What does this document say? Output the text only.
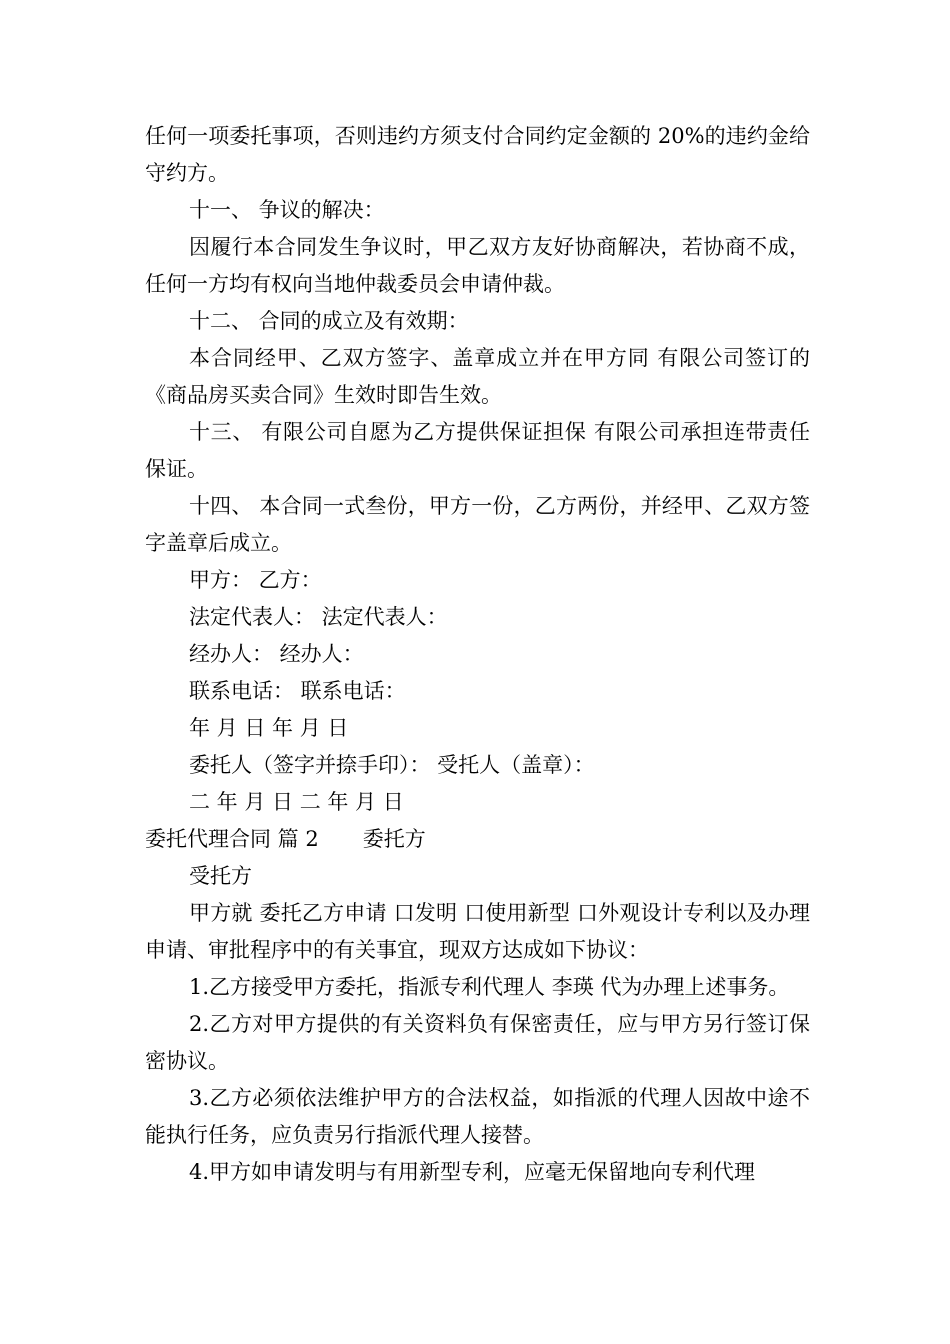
任何一项委托事项，否则违约方须支付合同约定金额的 20%的违约金给守约方。

十一、 争议的解决：

因履行本合同发生争议时，甲乙双方友好协商解决，若协商不成，任何一方均有权向当地仲裁委员会申请仲裁。

十二、 合同的成立及有效期：

本合同经甲、乙双方签字、盖章成立并在甲方同 有限公司签订的《商品房买卖合同》生效时即告生效。

十三、 有限公司自愿为乙方提供保证担保 有限公司承担连带责任保证。

十四、 本合同一式叁份，甲方一份，乙方两份，并经甲、乙双方签字盖章后成立。

甲方： 乙方：

法定代表人： 法定代表人：

经办人： 经办人：

联系电话： 联系电话：

年 月 日 年 月 日

委托人（签字并捺手印）： 受托人（盖章）：

二 年 月 日 二 年 月 日

委托代理合同 篇 2 委托方

受托方

甲方就 委托乙方申请 口发明 口使用新型 口外观设计专利以及办理申请、审批程序中的有关事宜，现双方达成如下协议：

1.乙方接受甲方委托，指派专利代理人 李瑛 代为办理上述事务。

2.乙方对甲方提供的有关资料负有保密责任，应与甲方另行签订保密协议。

3.乙方必须依法维护甲方的合法权益，如指派的代理人因故中途不能执行任务，应负责另行指派代理人接替。

4.甲方如申请发明与有用新型专利，应毫无保留地向专利代理
